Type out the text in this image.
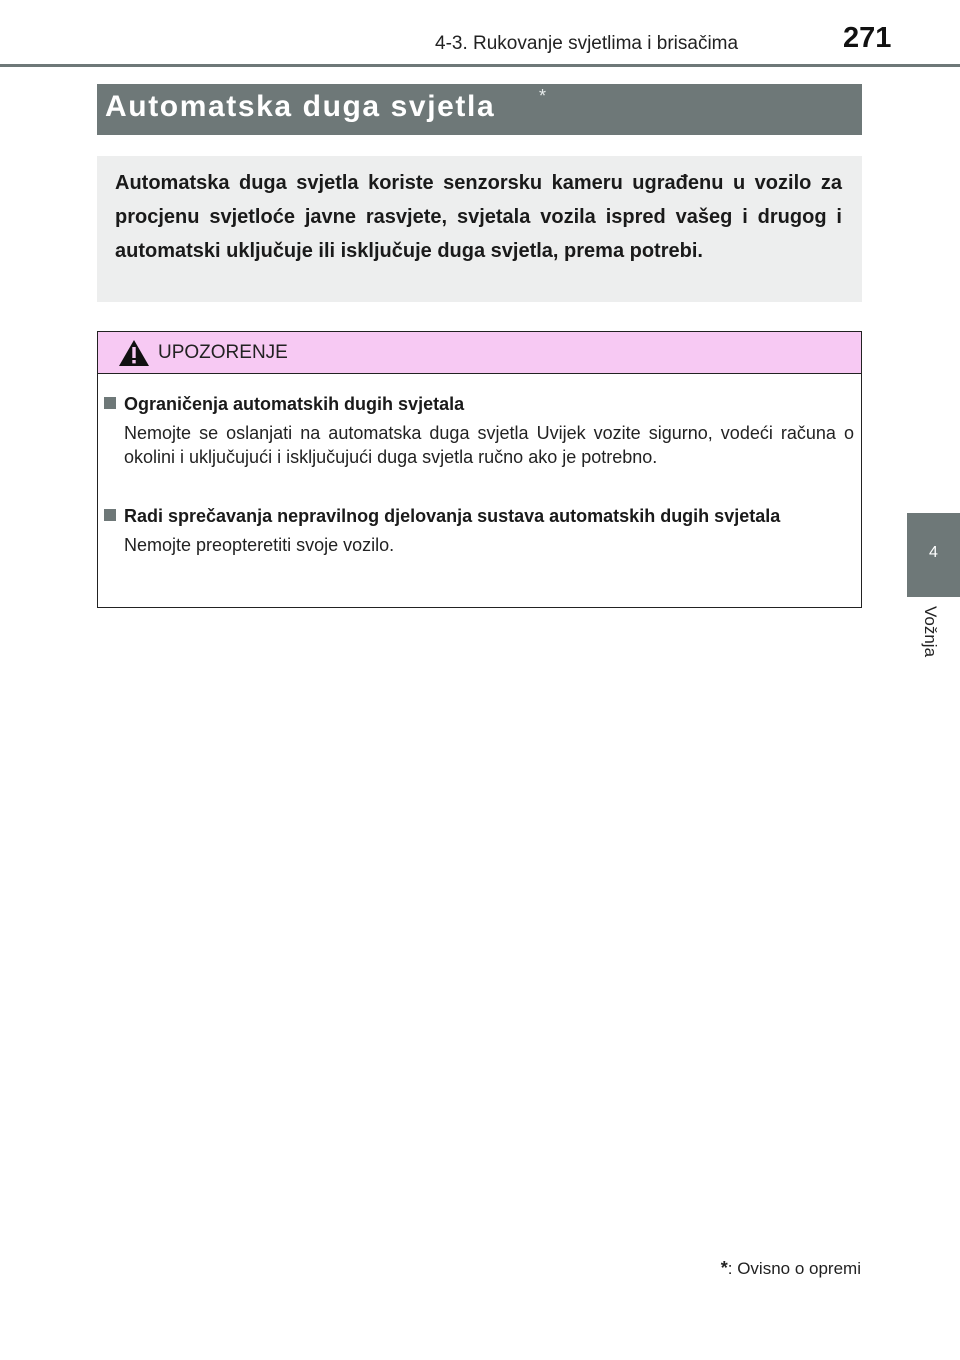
4-3. Rukovanje svjetlima i brisačima	271
4
Vožnja
Automatska duga svjetla *
Automatska duga svjetla koriste senzorsku kameru ugrađenu u vozilo za procjenu svjetloće javne rasvjete, svjetala vozila ispred vašeg i drugog i automatski uključuje ili isključuje duga svjetla, prema potrebi.
UPOZORENJE
Ograničenja automatskih dugih svjetala
Nemojte se oslanjati na automatska duga svjetla Uvijek vozite sigurno, vodeći računa o okolini i uključujući i isključujući duga svjetla ručno ako je potrebno.
Radi sprečavanja nepravilnog djelovanja sustava automatskih dugih svjetala
Nemojte preopteretiti svoje vozilo.
*: Ovisno o opremi
